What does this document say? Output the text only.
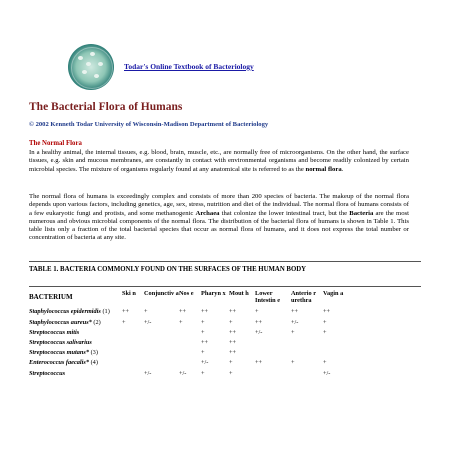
Todar's Online Textbook of Bacteriology
The Bacterial Flora of Humans
© 2002 Kenneth Todar University of Wisconsin-Madison Department of Bacteriology
The Normal Flora
In a healthy animal, the internal tissues, e.g. blood, brain, muscle, etc., are normally free of microorganisms. On the other hand, the surface tissues, e.g. skin and mucous membranes, are constantly in contact with environmental organisms and become readily colonized by certain microbial species. The mixture of organisms regularly found at any anatomical site is referred to as the normal flora.
The normal flora of humans is exceedingly complex and consists of more than 200 species of bacteria. The makeup of the normal flora depends upon various factors, including genetics, age, sex, stress, nutrition and diet of the individual. The normal flora of humans consists of a few eukaryotic fungi and protists, and some methanogenic Archaea that colonize the lower intestinal tract, but the Bacteria are the most numerous and obvious microbial components of the normal flora. The distribution of the bacterial flora of humans is shown in Table 1. This table lists only a fraction of the total bacterial species that occur as normal flora of humans, and it does not express the total number or concentration of bacteria at any site.
TABLE 1. BACTERIA COMMONLY FOUND ON THE SURFACES OF THE HUMAN BODY
BACTERIUM	Ski n	Conjunctiv a	Nos e	Pharyn x	Mout h	Lower Intestin e	Anterio r urethra	Vagin a
Staphylococcus epidermidis (1)	++	+	++	++	++	+	++	++
Staphylococcus aureus* (2)	+	+/-	+	+	+	++	+/-	+
Streptococcus mitis				+	++	+/-	+	+
Streptococcus salivarius				++	++			
Streptococcus mutans* (3)				+	++			
Enterococcus faecalis* (4)				+/-	+	++	+	+
Streptococcus		+/-	+/-	+	+			+/-
